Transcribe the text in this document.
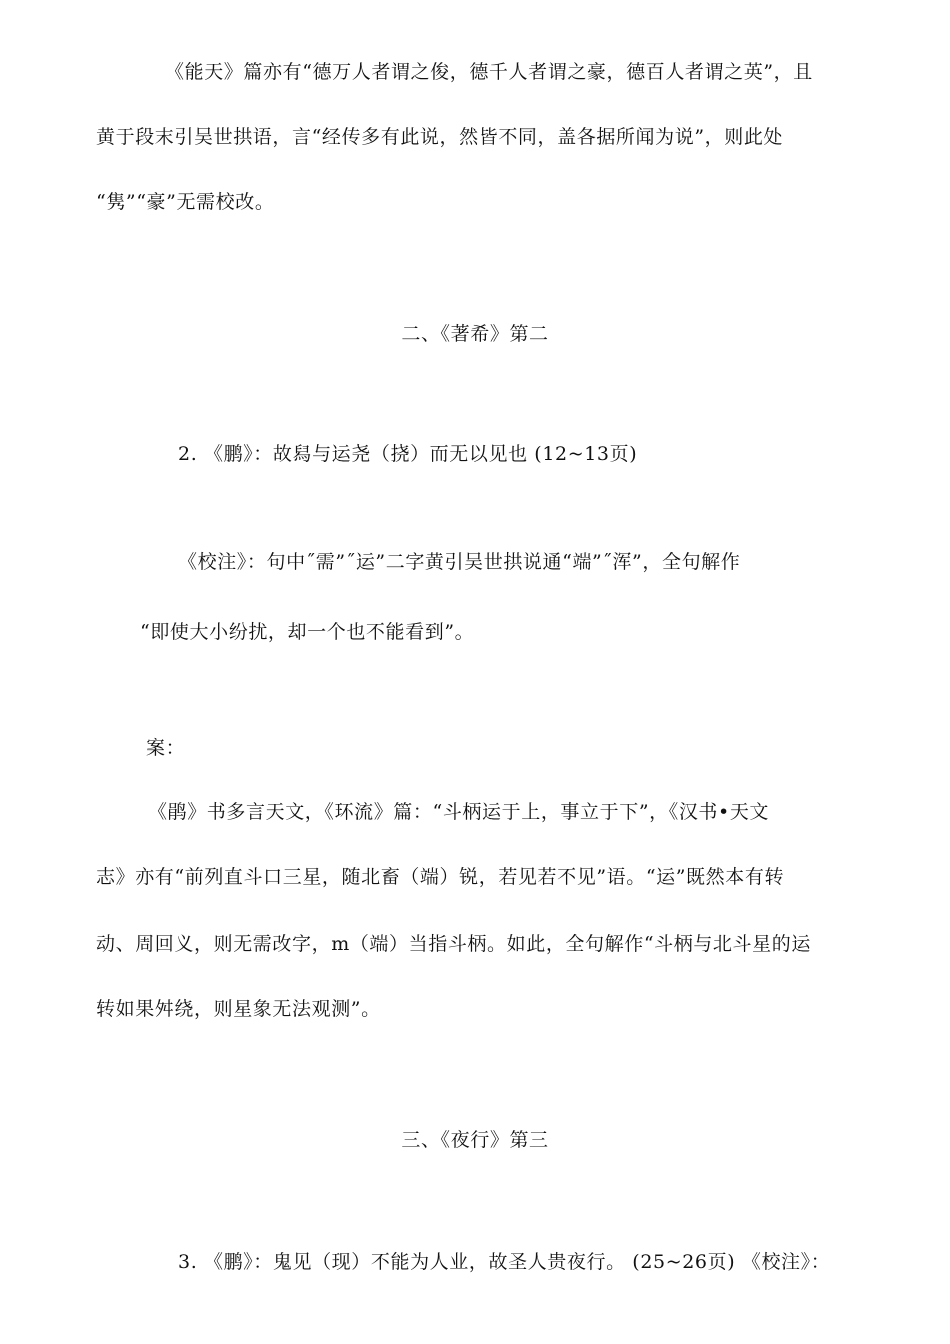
《能天》篇亦有“德万人者谓之俊，德千人者谓之豪，德百人者谓之英”，且
黄于段末引吴世拱语，言“经传多有此说，然皆不同，盖各据所闻为说”，则此处
“隽”“豪”无需校改。
二、《著希》第二
2. 《鹏》：故舄与运尧（挠）而无以见也 (12~13页)
《校注》：句中˝需”˝运”二字黄引吴世拱说通“端”˝浑”，全句解作
“即使大小纷扰，却一个也不能看到”。
案：
《鹃》书多言天文，《环流》篇：“斗柄运于上，事立于下”，《汉书•天文
志》亦有“前列直斗口三星，随北畜（端）锐，若见若不见”语。“运”既然本有转
动、周回义，则无需改字，m（端）当指斗柄。如此，全句解作“斗柄与北斗星的运
转如果舛绕，则星象无法观测”。
三、《夜行》第三
3. 《鹏》：鬼见（现）不能为人业，故圣人贵夜行。 (25~26页) 《校注》：
